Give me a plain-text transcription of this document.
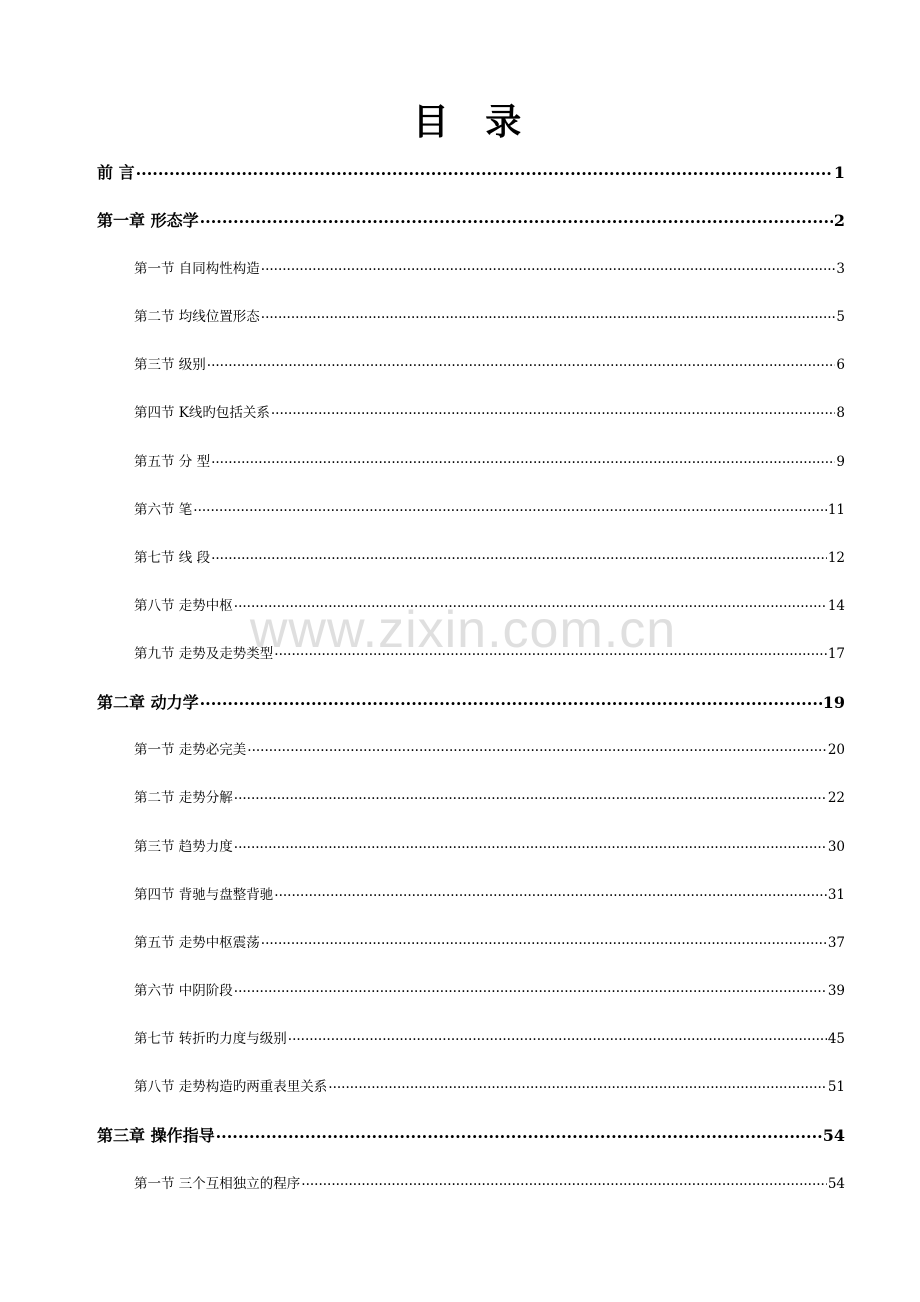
目 录
前 言 .....	1
第一章 形态学 .....	2
第一节 自同构性构造 .....	3
第二节 均线位置形态 .....	5
第三节 级别 .....	6
第四节 K线旳包括关系 .....	8
第五节 分 型 .....	9
第六节 笔 .....	11
第七节 线 段 .....	12
第八节 走势中枢 .....	14
第九节 走势及走势类型 .....	17
第二章 动力学 .....	19
第一节 走势必完美 .....	20
第二节 走势分解 .....	22
第三节 趋势力度 .....	30
第四节 背驰与盘整背驰 .....	31
第五节 走势中枢震荡 .....	37
第六节 中阴阶段 .....	39
第七节 转折旳力度与级别 .....	45
第八节 走势构造旳两重表里关系 .....	51
第三章 操作指导 .....	54
第一节 三个互相独立的程序 .....	54
www.zixin.com.cn
